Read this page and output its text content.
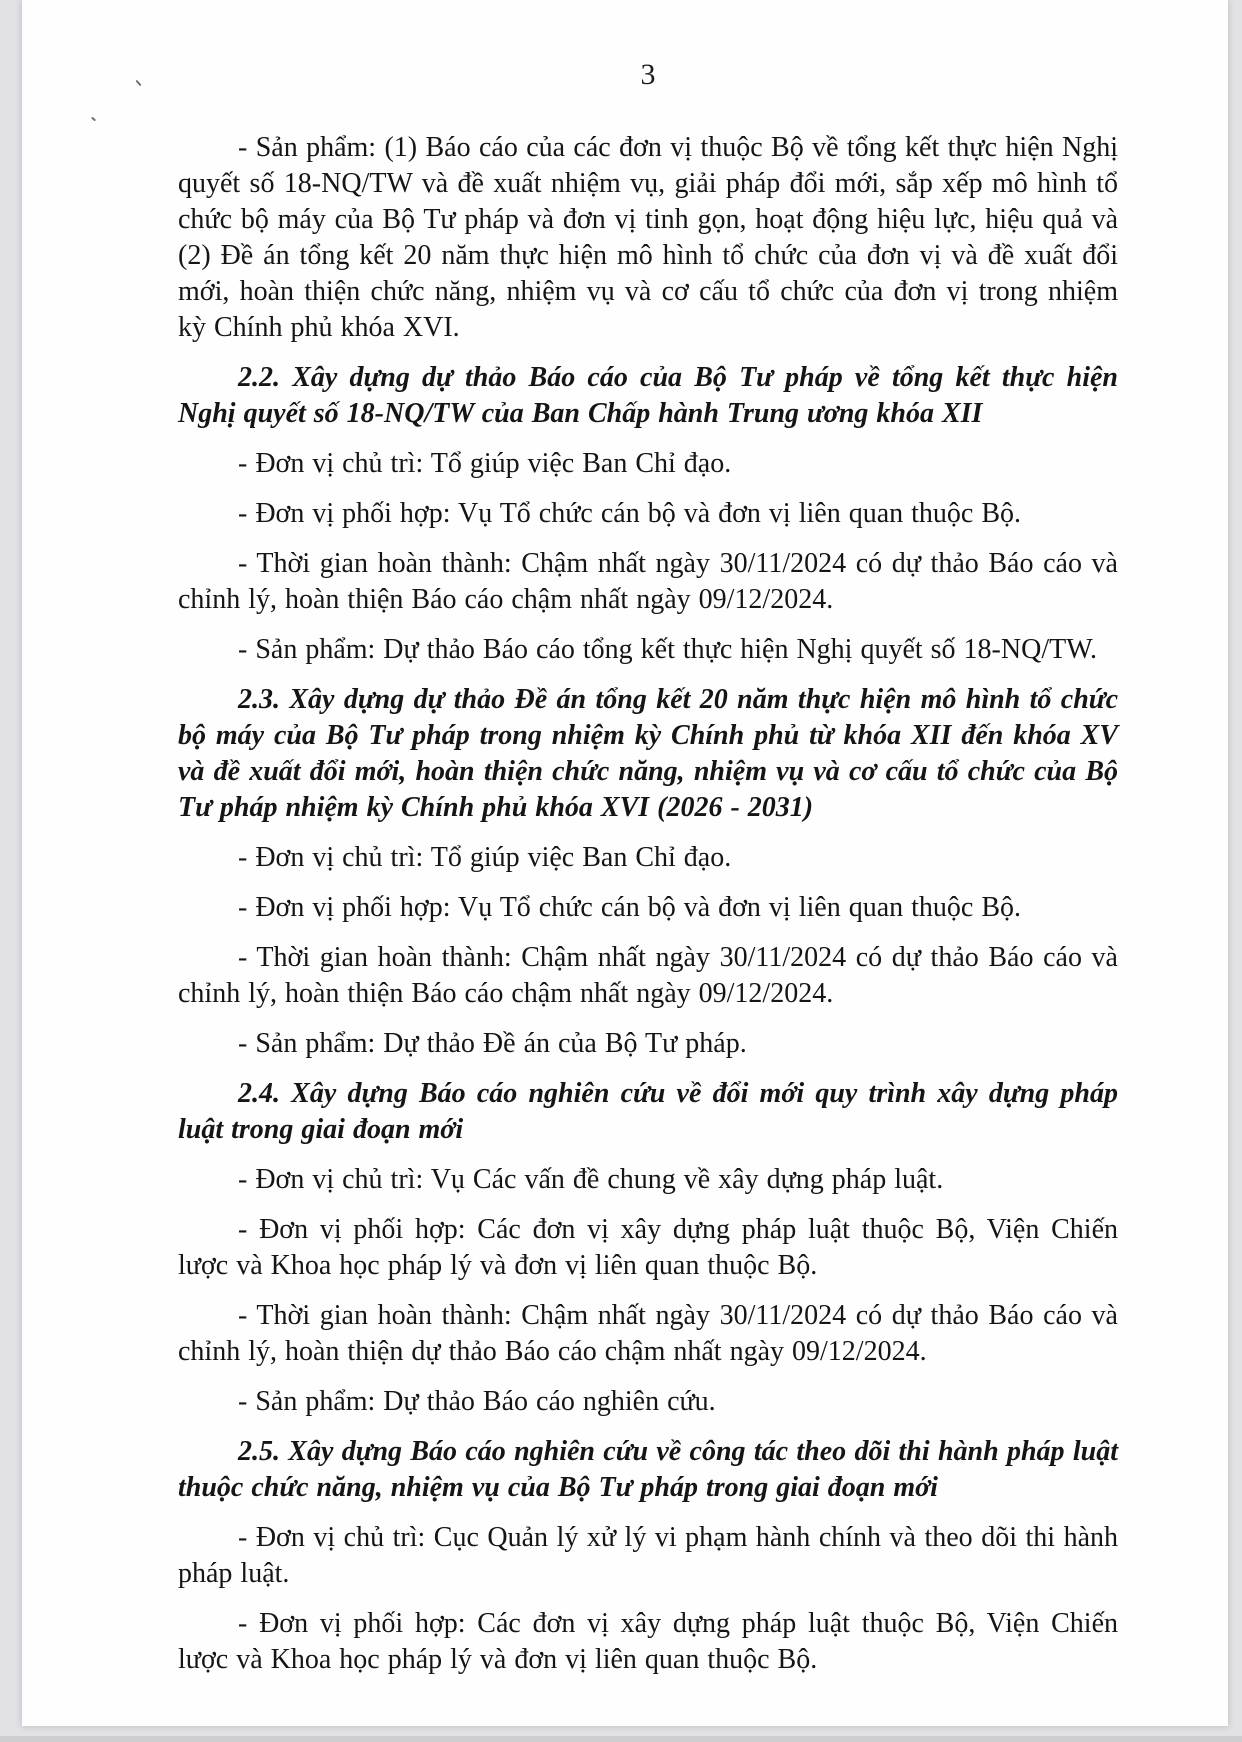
3

- Sản phẩm: (1) Báo cáo của các đơn vị thuộc Bộ về tổng kết thực hiện Nghị quyết số 18-NQ/TW và đề xuất nhiệm vụ, giải pháp đổi mới, sắp xếp mô hình tổ chức bộ máy của Bộ Tư pháp và đơn vị tinh gọn, hoạt động hiệu lực, hiệu quả và (2) Đề án tổng kết 20 năm thực hiện mô hình tổ chức của đơn vị và đề xuất đổi mới, hoàn thiện chức năng, nhiệm vụ và cơ cấu tổ chức của đơn vị trong nhiệm kỳ Chính phủ khóa XVI.

2.2. Xây dựng dự thảo Báo cáo của Bộ Tư pháp về tổng kết thực hiện Nghị quyết số 18-NQ/TW của Ban Chấp hành Trung ương khóa XII

- Đơn vị chủ trì: Tổ giúp việc Ban Chỉ đạo.

- Đơn vị phối hợp: Vụ Tổ chức cán bộ và đơn vị liên quan thuộc Bộ.

- Thời gian hoàn thành: Chậm nhất ngày 30/11/2024 có dự thảo Báo cáo và chỉnh lý, hoàn thiện Báo cáo chậm nhất ngày 09/12/2024.

- Sản phẩm: Dự thảo Báo cáo tổng kết thực hiện Nghị quyết số 18-NQ/TW.

2.3. Xây dựng dự thảo Đề án tổng kết 20 năm thực hiện mô hình tổ chức bộ máy của Bộ Tư pháp trong nhiệm kỳ Chính phủ từ khóa XII đến khóa XV và đề xuất đổi mới, hoàn thiện chức năng, nhiệm vụ và cơ cấu tổ chức của Bộ Tư pháp nhiệm kỳ Chính phủ khóa XVI (2026 - 2031)

- Đơn vị chủ trì: Tổ giúp việc Ban Chỉ đạo.

- Đơn vị phối hợp: Vụ Tổ chức cán bộ và đơn vị liên quan thuộc Bộ.

- Thời gian hoàn thành: Chậm nhất ngày 30/11/2024 có dự thảo Báo cáo và chỉnh lý, hoàn thiện Báo cáo chậm nhất ngày 09/12/2024.

- Sản phẩm: Dự thảo Đề án của Bộ Tư pháp.

2.4. Xây dựng Báo cáo nghiên cứu về đổi mới quy trình xây dựng pháp luật trong giai đoạn mới

- Đơn vị chủ trì: Vụ Các vấn đề chung về xây dựng pháp luật.

- Đơn vị phối hợp: Các đơn vị xây dựng pháp luật thuộc Bộ, Viện Chiến lược và Khoa học pháp lý và đơn vị liên quan thuộc Bộ.

- Thời gian hoàn thành: Chậm nhất ngày 30/11/2024 có dự thảo Báo cáo và chỉnh lý, hoàn thiện dự thảo Báo cáo chậm nhất ngày 09/12/2024.

- Sản phẩm: Dự thảo Báo cáo nghiên cứu.

2.5. Xây dựng Báo cáo nghiên cứu về công tác theo dõi thi hành pháp luật thuộc chức năng, nhiệm vụ của Bộ Tư pháp trong giai đoạn mới

- Đơn vị chủ trì: Cục Quản lý xử lý vi phạm hành chính và theo dõi thi hành pháp luật.

- Đơn vị phối hợp: Các đơn vị xây dựng pháp luật thuộc Bộ, Viện Chiến lược và Khoa học pháp lý và đơn vị liên quan thuộc Bộ.
